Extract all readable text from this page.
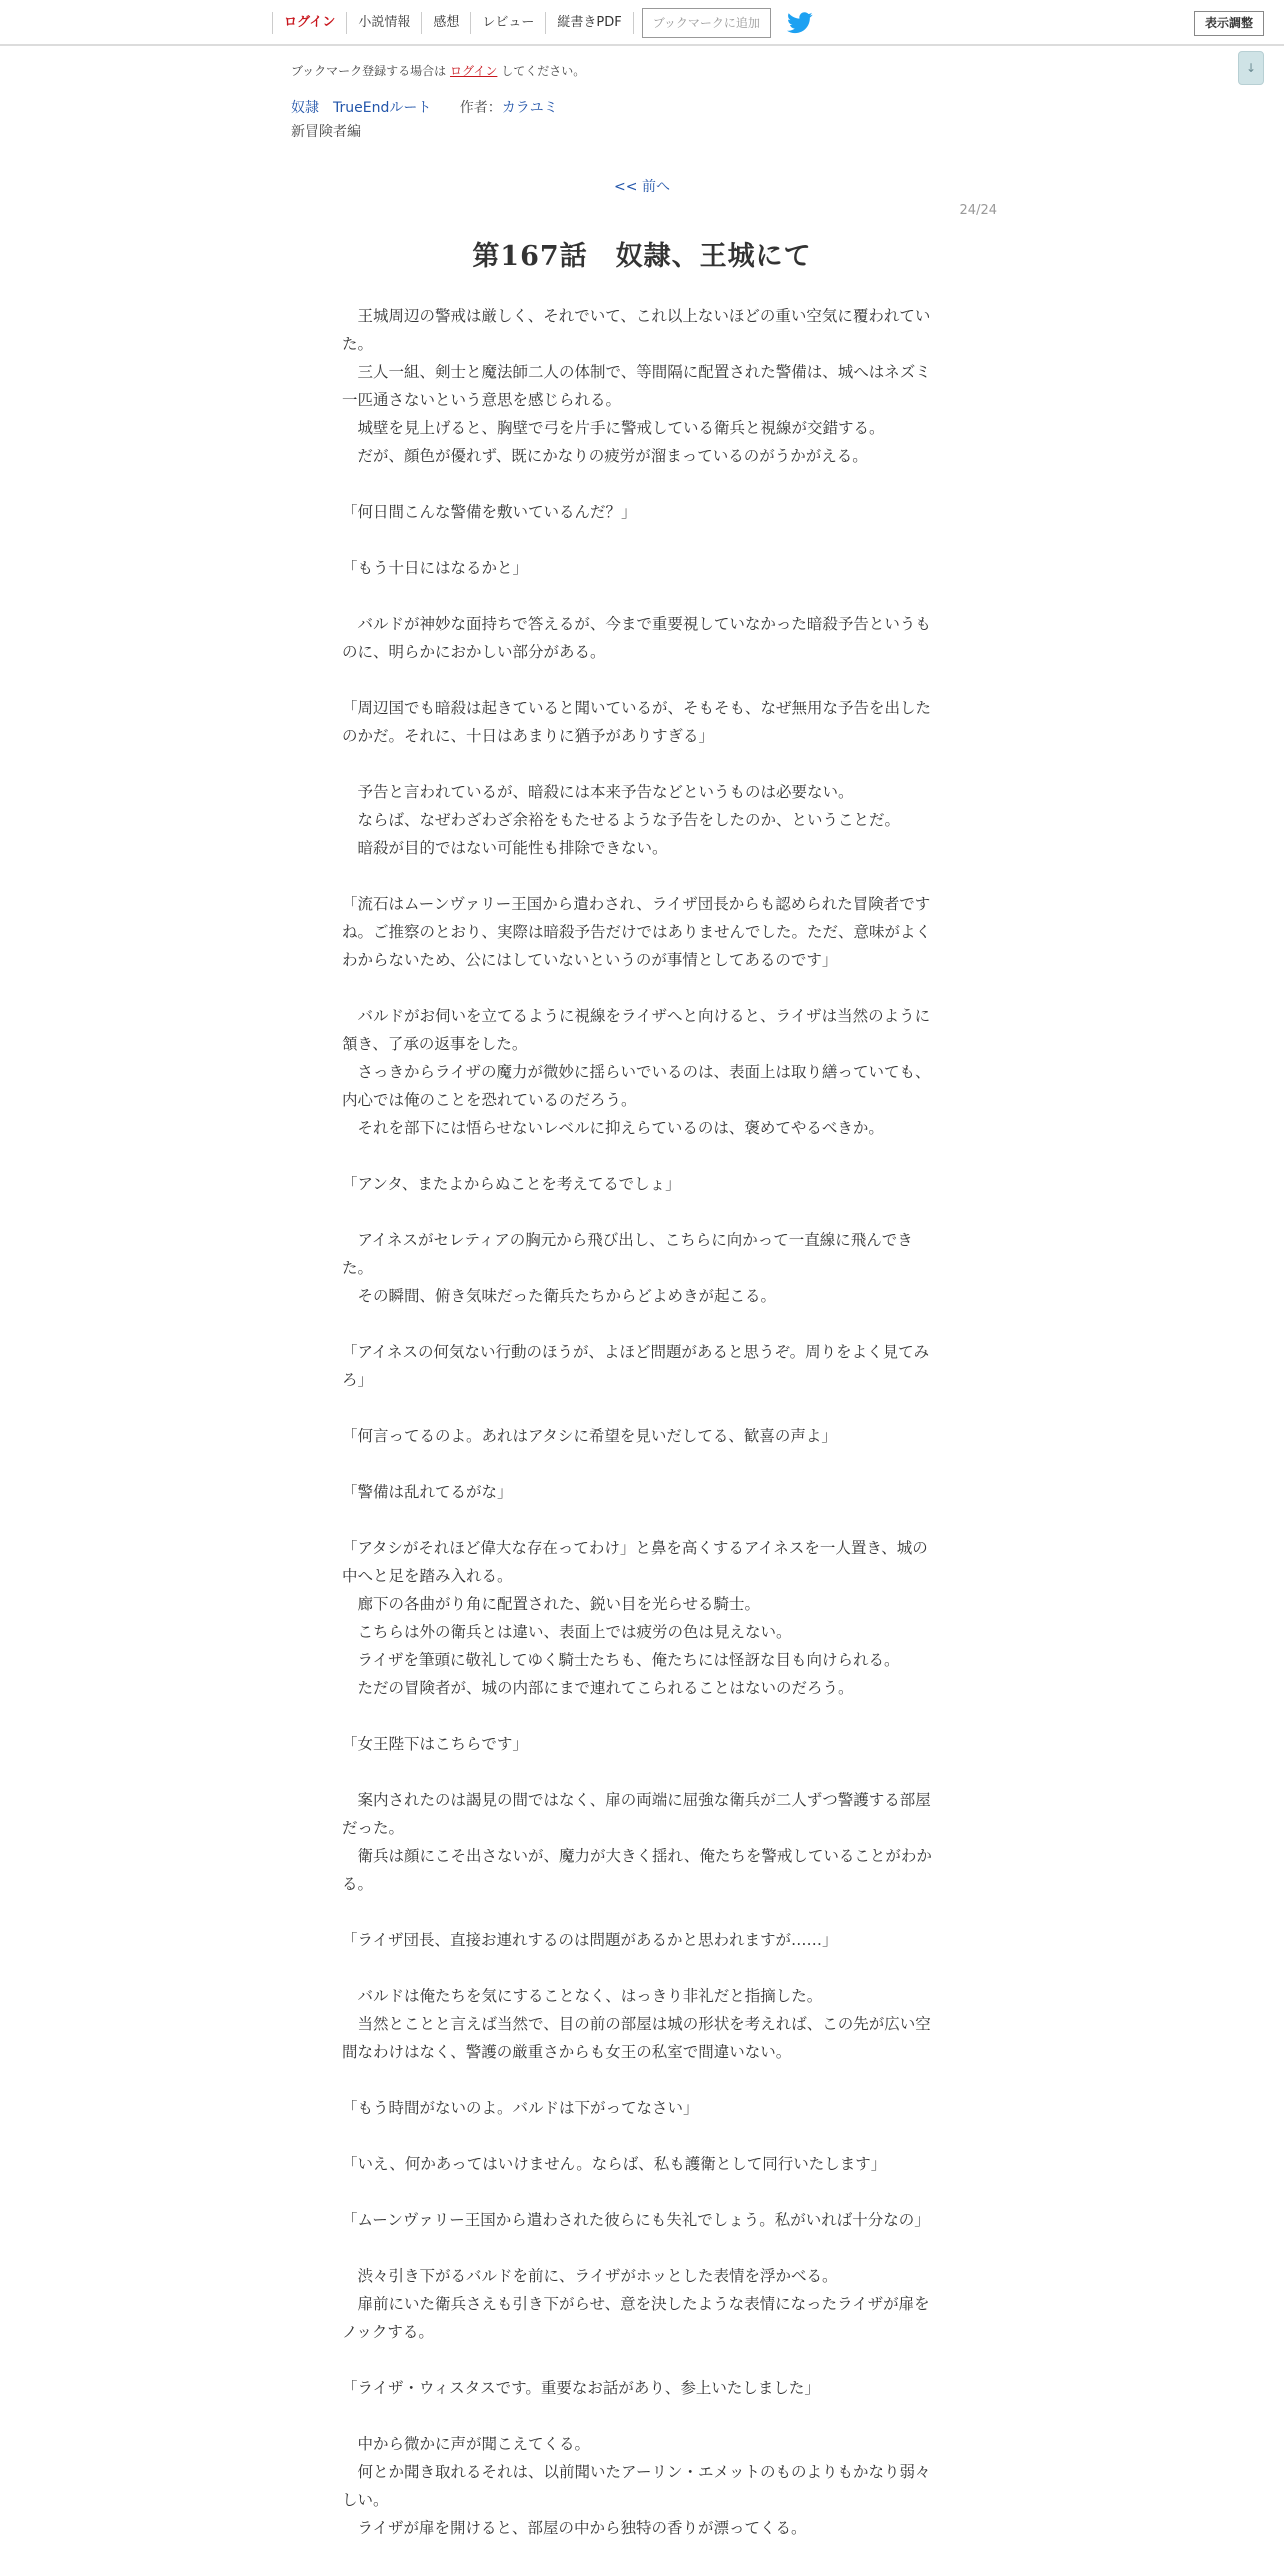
ログイン	小説情報	感想	レビュー	縦書きPDF	ブックマークに追加	表示調整
↓
ブックマーク登録する場合は ログイン してください。
奴隷　TrueEndルート 作者：カラユミ
新冒険者編
<< 前へ
24/24
第167話　奴隷、王城にて

　王城周辺の警戒は厳しく、それでいて、これ以上ないほどの重い空気に覆われていた。

　三人一組、剣士と魔法師二人の体制で、等間隔に配置された警備は、城へはネズミ一匹通さないという意思を感じられる。

　城壁を見上げると、胸壁で弓を片手に警戒している衛兵と視線が交錯する。

　だが、顔色が優れず、既にかなりの疲労が溜まっているのがうかがえる。

「何日間こんな警備を敷いているんだ？」

「もう十日にはなるかと」

　バルドが神妙な面持ちで答えるが、今まで重要視していなかった暗殺予告というものに、明らかにおかしい部分がある。

「周辺国でも暗殺は起きていると聞いているが、そもそも、なぜ無用な予告を出したのかだ。それに、十日はあまりに猶予がありすぎる」

　予告と言われているが、暗殺には本来予告などというものは必要ない。

　ならば、なぜわざわざ余裕をもたせるような予告をしたのか、ということだ。

　暗殺が目的ではない可能性も排除できない。

「流石はムーンヴァリー王国から遣わされ、ライザ団長からも認められた冒険者ですね。ご推察のとおり、実際は暗殺予告だけではありませんでした。ただ、意味がよくわからないため、公にはしていないというのが事情としてあるのです」

　バルドがお伺いを立てるように視線をライザへと向けると、ライザは当然のように頷き、了承の返事をした。

　さっきからライザの魔力が微妙に揺らいでいるのは、表面上は取り繕っていても、内心では俺のことを恐れているのだろう。

　それを部下には悟らせないレベルに抑えらているのは、褒めてやるべきか。

「アンタ、またよからぬことを考えてるでしょ」

　アイネスがセレティアの胸元から飛び出し、こちらに向かって一直線に飛んできた。

　その瞬間、俯き気味だった衛兵たちからどよめきが起こる。

「アイネスの何気ない行動のほうが、よほど問題があると思うぞ。周りをよく見てみろ」

「何言ってるのよ。あれはアタシに希望を見いだしてる、歓喜の声よ」

「警備は乱れてるがな」

「アタシがそれほど偉大な存在ってわけ」と鼻を高くするアイネスを一人置き、城の中へと足を踏み入れる。

　廊下の各曲がり角に配置された、鋭い目を光らせる騎士。

　こちらは外の衛兵とは違い、表面上では疲労の色は見えない。

　ライザを筆頭に敬礼してゆく騎士たちも、俺たちには怪訝な目も向けられる。

　ただの冒険者が、城の内部にまで連れてこられることはないのだろう。

「女王陛下はこちらです」

　案内されたのは謁見の間ではなく、扉の両端に屈強な衛兵が二人ずつ警護する部屋だった。

　衛兵は顔にこそ出さないが、魔力が大きく揺れ、俺たちを警戒していることがわかる。

「ライザ団長、直接お連れするのは問題があるかと思われますが……」

　バルドは俺たちを気にすることなく、はっきり非礼だと指摘した。

　当然とことと言えば当然で、目の前の部屋は城の形状を考えれば、この先が広い空間なわけはなく、警護の厳重さからも女王の私室で間違いない。

「もう時間がないのよ。バルドは下がってなさい」

「いえ、何かあってはいけません。ならば、私も護衛として同行いたします」

「ムーンヴァリー王国から遣わされた彼らにも失礼でしょう。私がいれば十分なの」

　渋々引き下がるバルドを前に、ライザがホッとした表情を浮かべる。

　扉前にいた衛兵さえも引き下がらせ、意を決したような表情になったライザが扉をノックする。

「ライザ・ウィスタスです。重要なお話があり、参上いたしました」

　中から微かに声が聞こえてくる。

　何とか聞き取れるそれは、以前聞いたアーリン・エメットのものよりもかなり弱々しい。

　ライザが扉を開けると、部屋の中から独特の香りが漂ってくる。
